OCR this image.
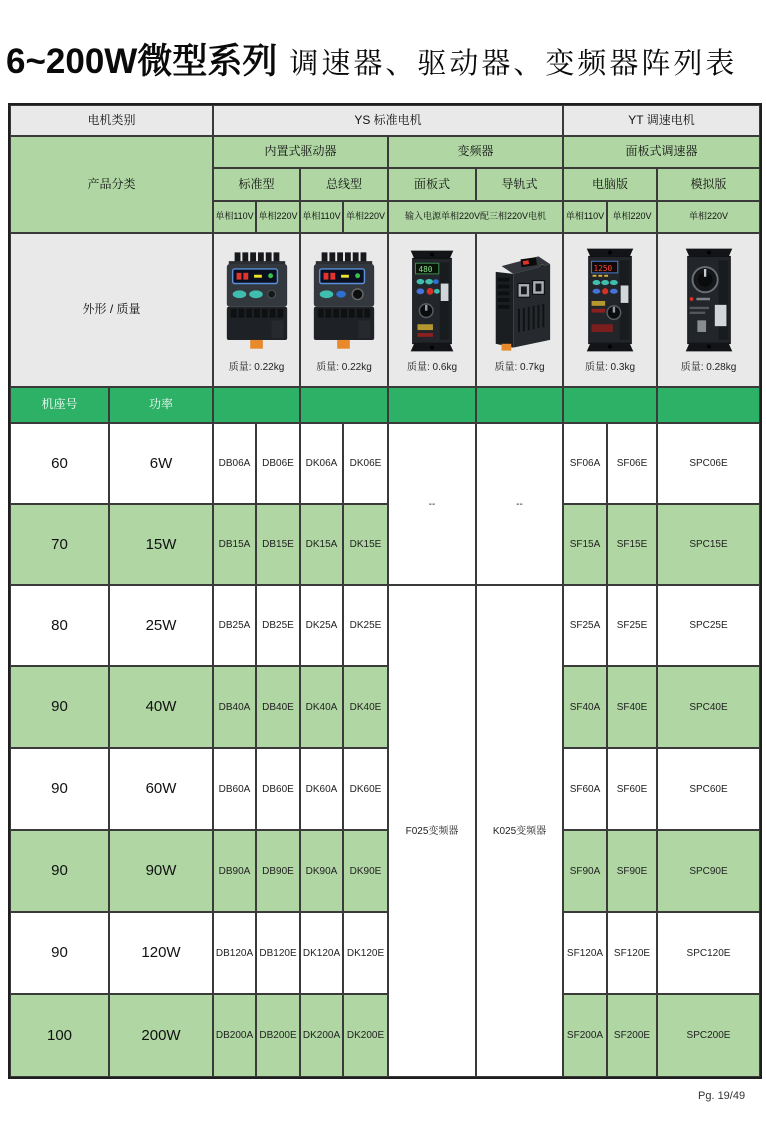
6~200W微型系列 调速器、驱动器、变频器阵列表
电机类别	YS 标准电机	YT 调速电机
产品分类
内置式驱动器	变频器	面板式调速器
标准型	总线型	面板式	导轨式	电脑版	模拟版
单相110V 单相220V 单相110V 单相220V	输入电源单相220V配三相220V电机	单相110V 单相220V	单相220V
外形 / 质量
质量: 0.22kg	质量: 0.22kg
480
质量: 0.6kg	质量: 0.7kg
1250
质量: 0.3kg	质量: 0.28kg
机座号	功率
--	--
F025变频器	K025变频器
60	6W	DB06A	DB06E	DK06A	DK06E	SF06A	SF06E	SPC06E
70	15W	DB15A	DB15E	DK15A	DK15E	SF15A	SF15E	SPC15E
80	25W	DB25A	DB25E	DK25A	DK25E	SF25A	SF25E	SPC25E
90	40W	DB40A	DB40E	DK40A	DK40E	SF40A	SF40E	SPC40E
90	60W	DB60A	DB60E	DK60A	DK60E	SF60A	SF60E	SPC60E
90	90W	DB90A	DB90E	DK90A	DK90E	SF90A	SF90E	SPC90E
90	120W	DB120A DB120E DK120A DK120E	SF120A	SF120E	SPC120E
100	200W	DB200A DB200E DK200A DK200E	SF200A	SF200E	SPC200E
Pg. 19/49
